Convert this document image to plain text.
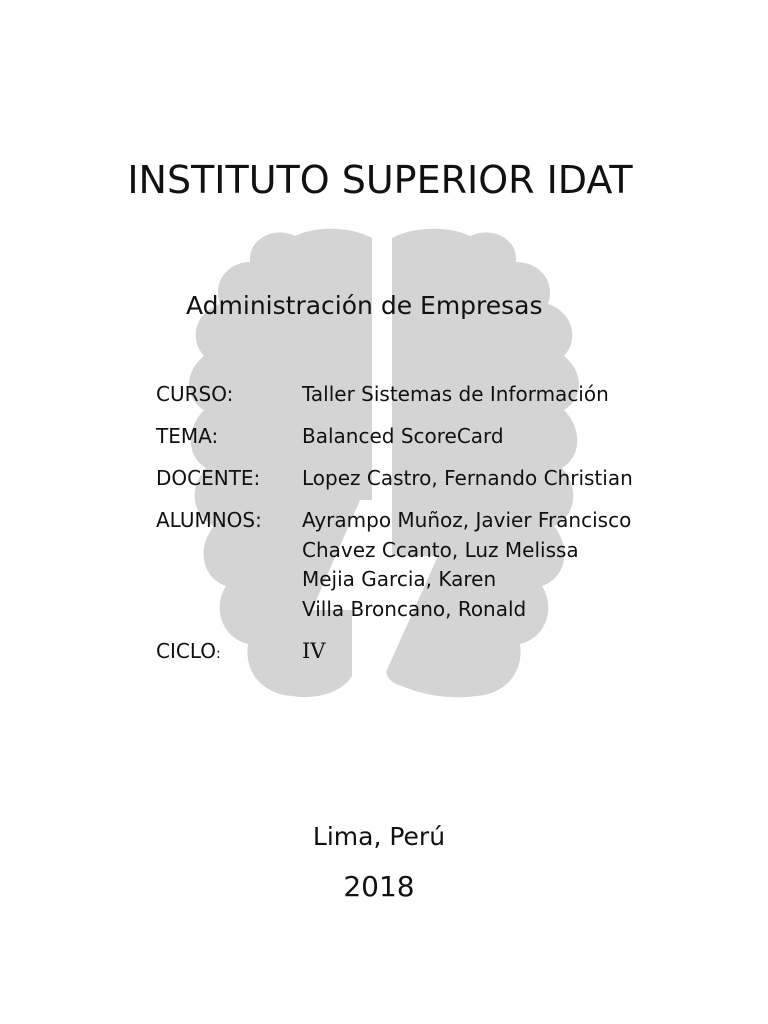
INSTITUTO SUPERIOR IDAT
Administración de Empresas
CURSO:	Taller Sistemas de Información
TEMA:	Balanced ScoreCard
DOCENTE:	Lopez Castro, Fernando Christian
ALUMNOS:	Ayrampo Muñoz, Javier Francisco
Chavez Ccanto, Luz Melissa
Mejia Garcia, Karen
Villa Broncano, Ronald
CICLO:	IV
Lima, Perú
2018
